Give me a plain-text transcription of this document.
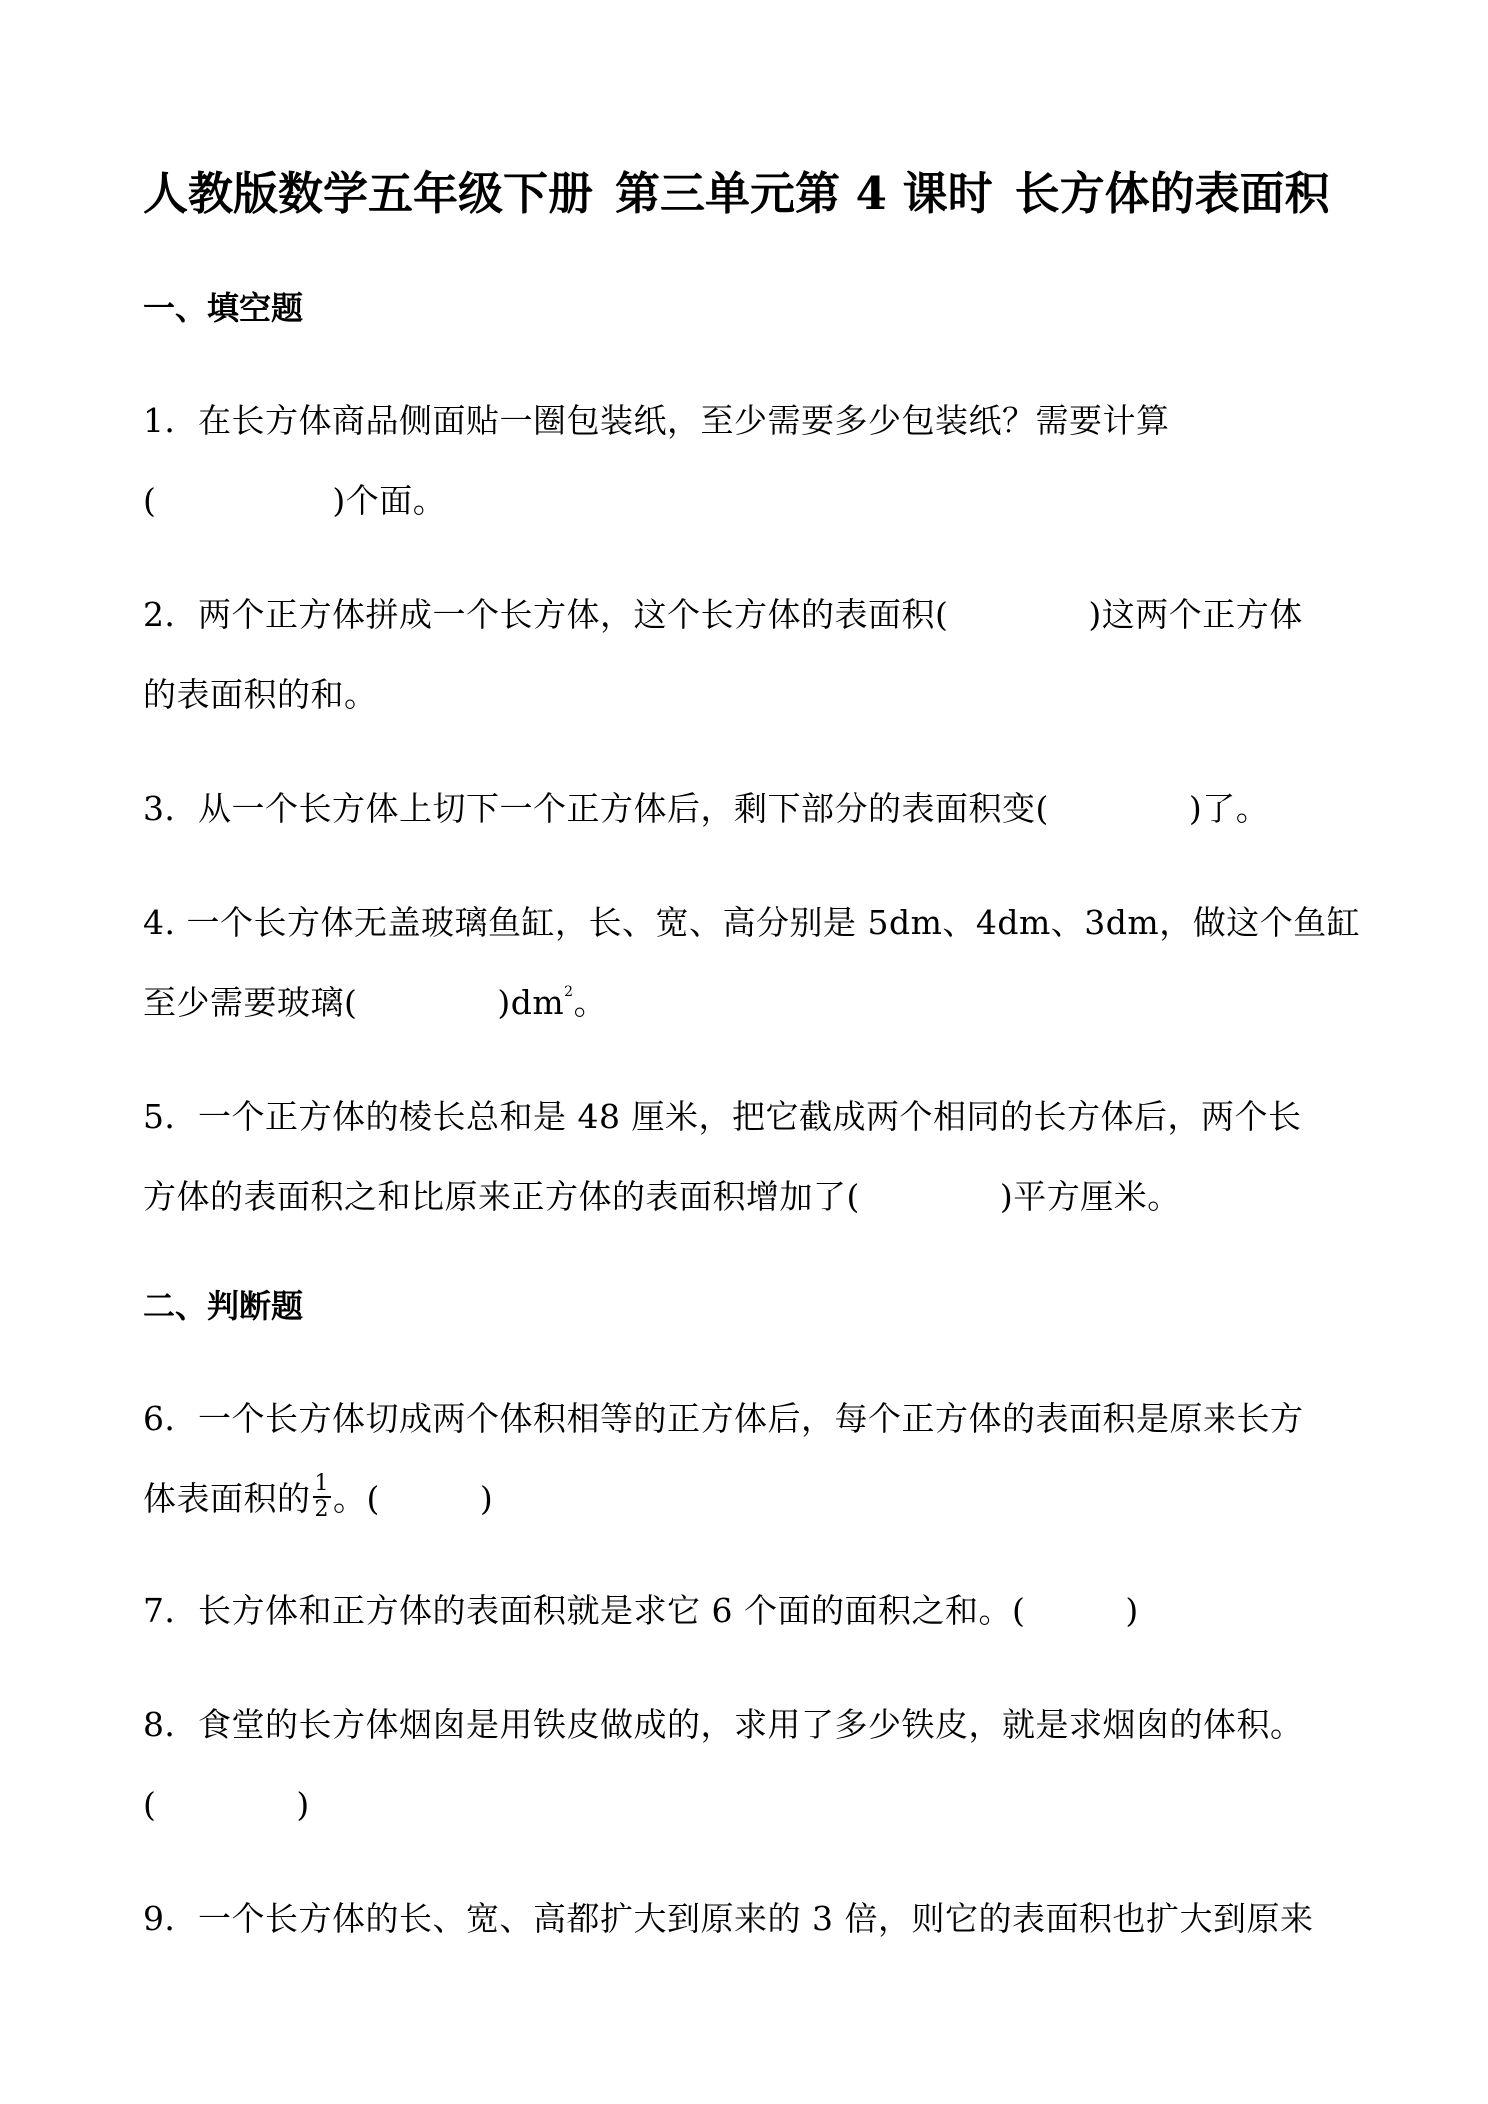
人教版数学五年级下册 第三单元第 4 课时 长方体的表面积
一、填空题
1．在长方体商品侧面贴一圈包装纸，至少需要多少包装纸？需要计算
(	)个面。
2．两个正方体拼成一个长方体，这个长方体的表面积(	)这两个正方体
的表面积的和。
3．从一个长方体上切下一个正方体后，剩下部分的表面积变(	)了。
4. 一个长方体无盖玻璃鱼缸，长、宽、高分别是 5dm、4dm、3dm，做这个鱼缸
至少需要玻璃(	)$dm^2$。
5．一个正方体的棱长总和是 48 厘米，把它截成两个相同的长方体后，两个长
方体的表面积之和比原来正方体的表面积增加了(	)平方厘米。
二、判断题
6．一个长方体切成两个体积相等的正方体后，每个正方体的表面积是原来长方
体表面积的 $\frac{1}{2}$ 。(	)
7．长方体和正方体的表面积就是求它 6 个面的面积之和。(	)
8．食堂的长方体烟囱是用铁皮做成的，求用了多少铁皮，就是求烟囱的体积。
(	)
9．一个长方体的长、宽、高都扩大到原来的 3 倍，则它的表面积也扩大到原来
